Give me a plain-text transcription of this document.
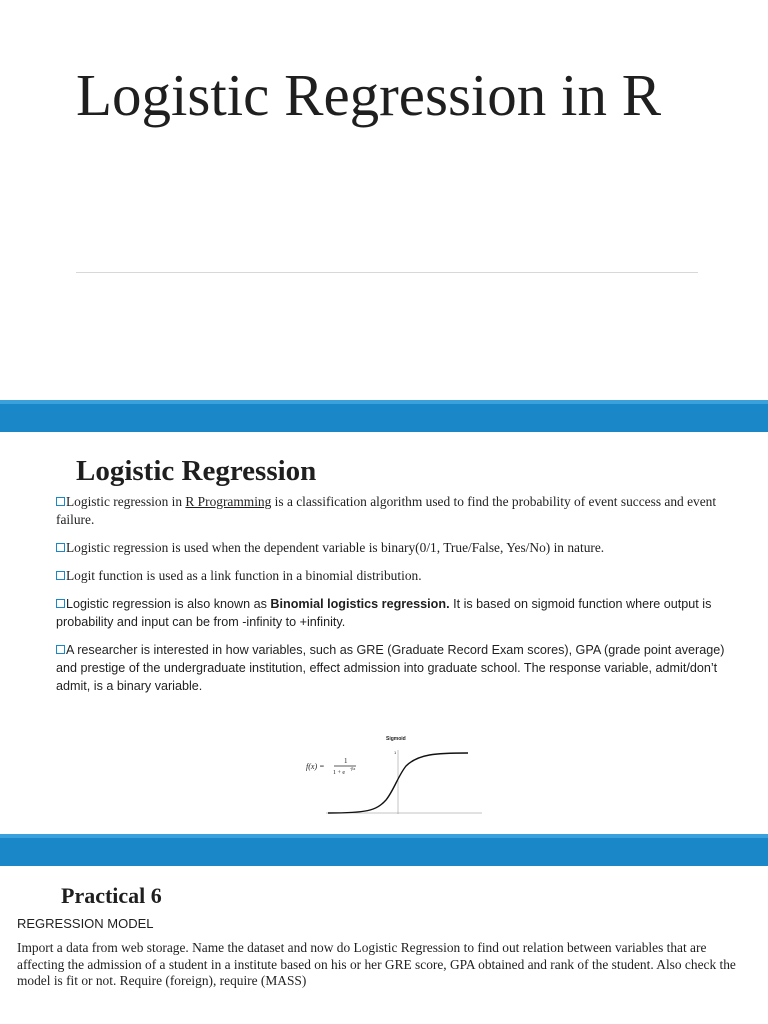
Logistic Regression in R
Logistic Regression
Logistic regression in R Programming is a classification algorithm used to find the probability of event success and event failure.
Logistic regression is used when the dependent variable is binary(0/1, True/False, Yes/No) in nature.
Logit function is used as a link function in a binomial distribution.
Logistic regression is also known as Binomial logistics regression. It is based on sigmoid function where output is probability and input can be from -infinity to +infinity.
A researcher is interested in how variables, such as GRE (Graduate Record Exam scores), GPA (grade point average) and prestige of the undergraduate institution, effect admission into graduate school. The response variable, admit/don’t admit, is a binary variable.
Sigmoid
f(x) =
1
1 + e
-βx
1
Practical 6
REGRESSION MODEL

Import a data from web storage. Name the dataset and now do Logistic Regression to find out relation between variables that are affecting the admission of a student in a institute based on his or her GRE score, GPA obtained and rank of the student. Also check the model is fit or not. Require (foreign), require (MASS)
